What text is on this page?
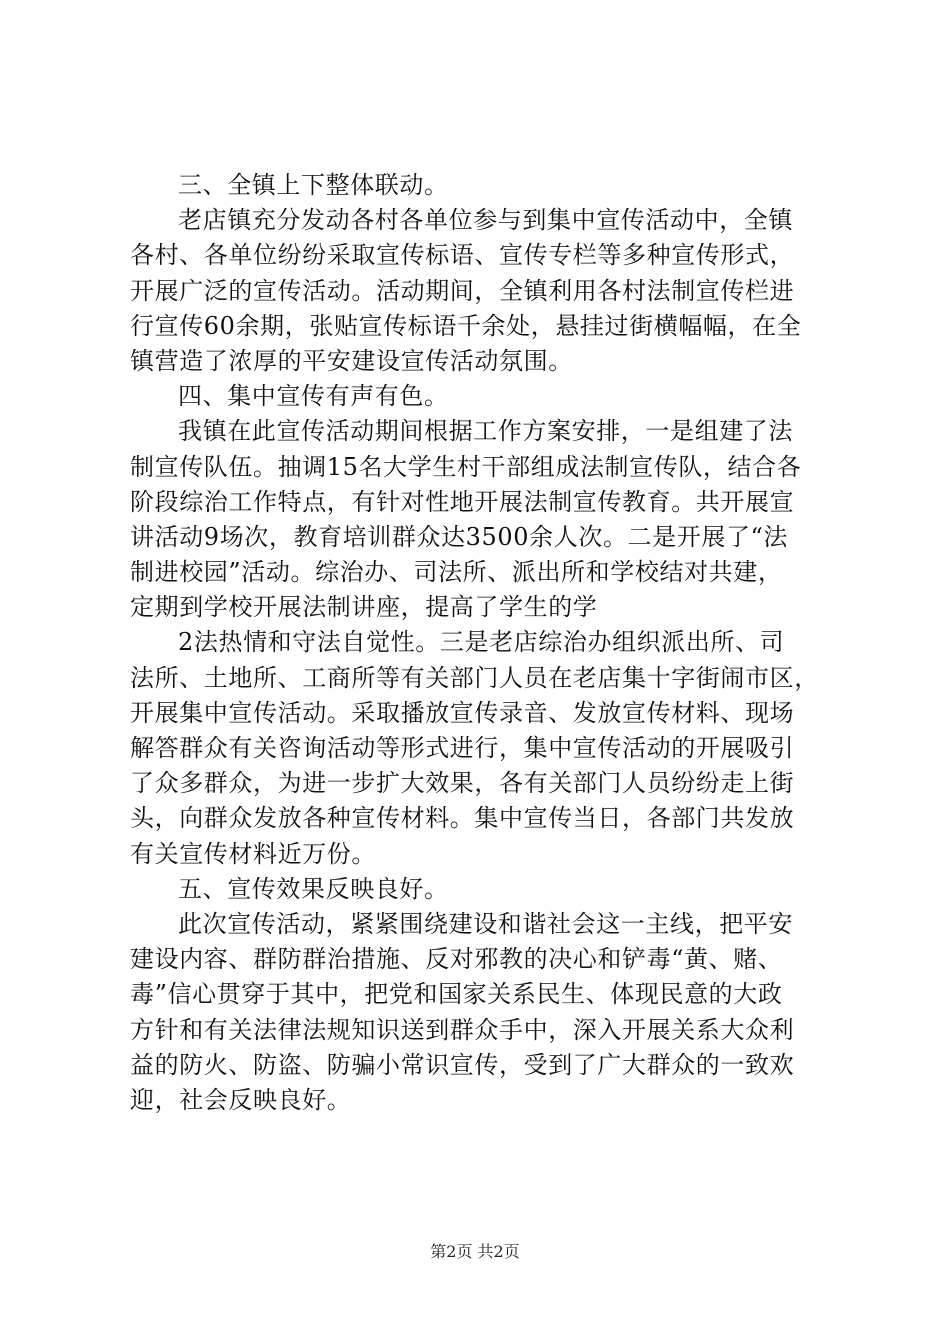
三、全镇上下整体联动。
老店镇充分发动各村各单位参与到集中宣传活动中，全镇
各村、各单位纷纷采取宣传标语、宣传专栏等多种宣传形式，
开展广泛的宣传活动。活动期间，全镇利用各村法制宣传栏进
行宣传60余期，张贴宣传标语千余处，悬挂过街横幅幅，在全
镇营造了浓厚的平安建设宣传活动氛围。
四、集中宣传有声有色。
我镇在此宣传活动期间根据工作方案安排，一是组建了法
制宣传队伍。抽调15名大学生村干部组成法制宣传队，结合各
阶段综治工作特点，有针对性地开展法制宣传教育。共开展宣
讲活动9场次，教育培训群众达3500余人次。二是开展了“法
制进校园”活动。综治办、司法所、派出所和学校结对共建，
定期到学校开展法制讲座，提高了学生的学
2法热情和守法自觉性。三是老店综治办组织派出所、司
法所、土地所、工商所等有关部门人员在老店集十字街闹市区，
开展集中宣传活动。采取播放宣传录音、发放宣传材料、现场
解答群众有关咨询活动等形式进行，集中宣传活动的开展吸引
了众多群众，为进一步扩大效果，各有关部门人员纷纷走上街
头，向群众发放各种宣传材料。集中宣传当日，各部门共发放
有关宣传材料近万份。
五、宣传效果反映良好。
此次宣传活动，紧紧围绕建设和谐社会这一主线，把平安
建设内容、群防群治措施、反对邪教的决心和铲毒“黄、赌、
毒”信心贯穿于其中，把党和国家关系民生、体现民意的大政
方针和有关法律法规知识送到群众手中，深入开展关系大众利
益的防火、防盗、防骗小常识宣传，受到了广大群众的一致欢
迎，社会反映良好。
第2页 共2页
